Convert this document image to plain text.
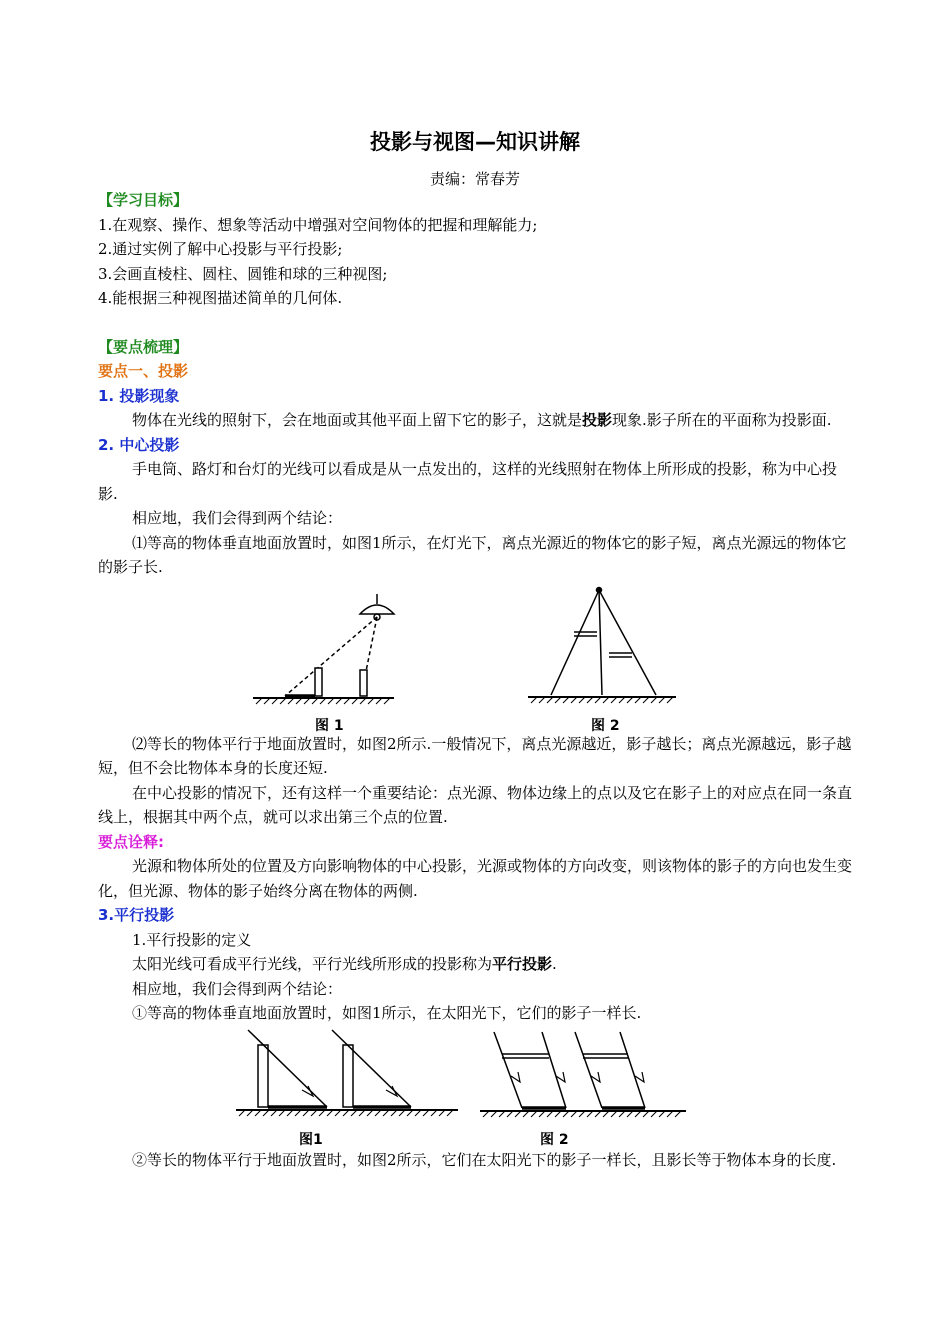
投影与视图—知识讲解
责编：常春芳

【学习目标】

1.在观察、操作、想象等活动中增强对空间物体的把握和理解能力;

2.通过实例了解中心投影与平行投影;

3.会画直棱柱、圆柱、圆锥和球的三种视图;

4.能根据三种视图描述简单的几何体.

【要点梳理】

要点一、投影

1. 投影现象

物体在光线的照射下，会在地面或其他平面上留下它的影子，这就是投影现象.影子所在的平面称为投影面.

2. 中心投影

手电筒、路灯和台灯的光线可以看成是从一点发出的，这样的光线照射在物体上所形成的投影，称为中心投影.

相应地，我们会得到两个结论：

⑴等高的物体垂直地面放置时，如图1所示，在灯光下，离点光源近的物体它的影子短，离点光源远的物体它的影子长.

图 1	图 2

⑵等长的物体平行于地面放置时，如图2所示.一般情况下，离点光源越近，影子越长；离点光源越远，影子越短，但不会比物体本身的长度还短.

在中心投影的情况下，还有这样一个重要结论：点光源、物体边缘上的点以及它在影子上的对应点在同一条直线上，根据其中两个点，就可以求出第三个点的位置.

要点诠释:

光源和物体所处的位置及方向影响物体的中心投影，光源或物体的方向改变，则该物体的影子的方向也发生变化，但光源、物体的影子始终分离在物体的两侧.

3.平行投影

1.平行投影的定义

太阳光线可看成平行光线，平行光线所形成的投影称为平行投影.

相应地，我们会得到两个结论：

①等高的物体垂直地面放置时，如图1所示，在太阳光下，它们的影子一样长.

图1	图 2

②等长的物体平行于地面放置时，如图2所示，它们在太阳光下的影子一样长，且影长等于物体本身的长度.
